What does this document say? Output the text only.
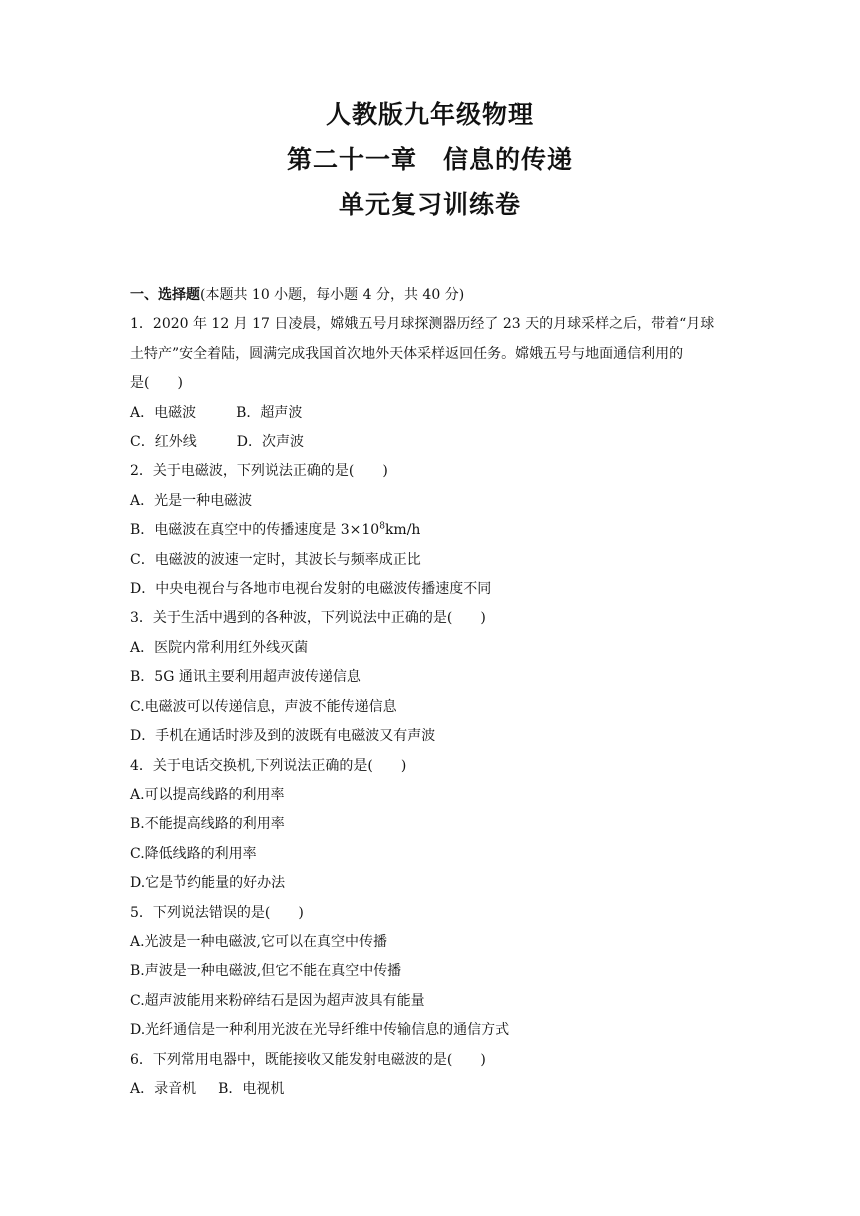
人教版九年级物理
第二十一章　信息的传递
单元复习训练卷
一、选择题(本题共 10 小题，每小题 4 分，共 40 分)
1．2020 年 12 月 17 日凌晨，嫦娥五号月球探测器历经了 23 天的月球采样之后，带着“月球
土特产”安全着陆，圆满完成我国首次地外天体采样返回任务。嫦娥五号与地面通信利用的
是(　　)
A．电磁波	B．超声波
C．红外线	D．次声波
2．关于电磁波，下列说法正确的是(　　)
A．光是一种电磁波
B．电磁波在真空中的传播速度是 $3\times 10^8km/h$
C．电磁波的波速一定时，其波长与频率成正比
D．中央电视台与各地市电视台发射的电磁波传播速度不同
3．关于生活中遇到的各种波，下列说法中正确的是(　　)
A．医院内常利用红外线灭菌
B．5G 通讯主要利用超声波传递信息
C.电磁波可以传递信息，声波不能传递信息
D．手机在通话时涉及到的波既有电磁波又有声波
4．关于电话交换机,下列说法正确的是(　　)
A.可以提高线路的利用率
B.不能提高线路的利用率
C.降低线路的利用率
D.它是节约能量的好办法
5．下列说法错误的是(　　)
A.光波是一种电磁波,它可以在真空中传播
B.声波是一种电磁波,但它不能在真空中传播
C.超声波能用来粉碎结石是因为超声波具有能量
D.光纤通信是一种利用光波在光导纤维中传输信息的通信方式
6．下列常用电器中，既能接收又能发射电磁波的是(　　)
A．录音机 B．电视机
